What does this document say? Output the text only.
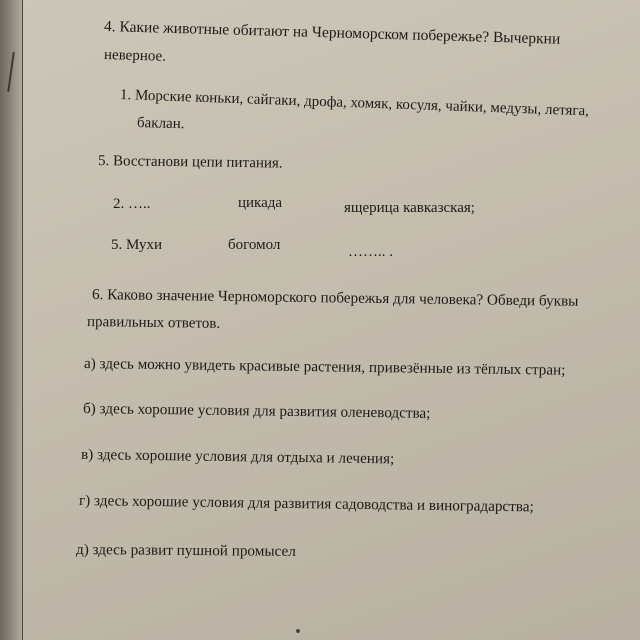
4. Какие животные обитают на Черноморском побережье? Вычеркни
неверное.
1. Морские коньки, сайгаки, дрофа, хомяк, косуля, чайки, медузы, летяга,
баклан.
5. Восстанови цепи питания.
2. …..	цикада	ящерица кавказская;
5. Мухи	богомол	…….. .
6. Каково значение Черноморского побережья для человека? Обведи буквы
правильных ответов.
а) здесь можно увидеть красивые растения, привезённые из тёплых стран;
б) здесь хорошие условия для развития оленеводства;
в) здесь хорошие условия для отдыха и лечения;
г) здесь хорошие условия для развития садоводства и виноградарства;
д) здесь развит пушной промысел
